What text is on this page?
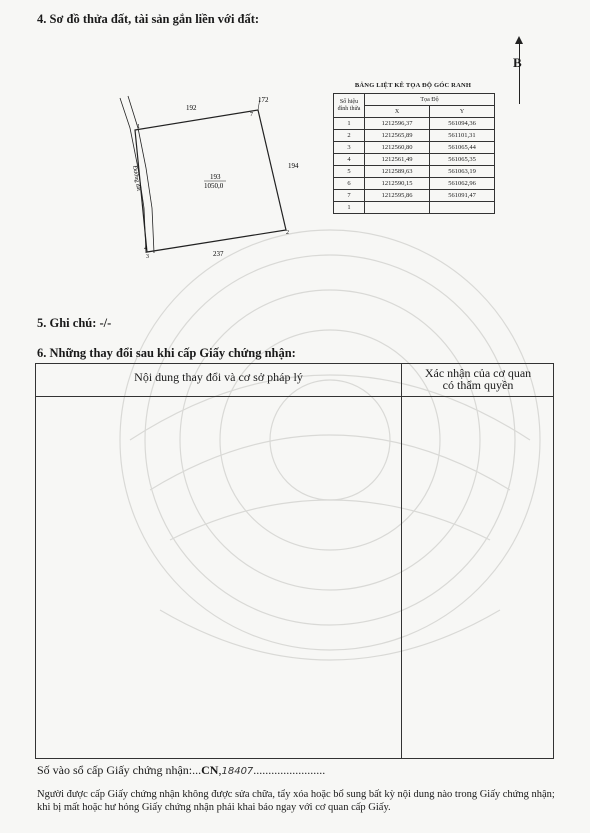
4. Sơ đồ thửa đất, tài sản gắn liền với đất:
B
1
2
3
4
7
192
172
194
237
193
1050,0
Đường đất
BẢNG LIỆT KÊ TỌA ĐỘ GÓC RANH
Số hiệu đỉnh thửa	Tọa Độ	
	X	Y
1	1212596,37	561094,36
2	1212565,89	561101,31
3	1212560,80	561065,44
4	1212561,49	561065,35
5	1212589,63	561063,19
6	1212590,15	561062,96
7	1212595,86	561091,47
1		
5. Ghi chú: -/-
6. Những thay đổi sau khi cấp Giấy chứng nhận:
Nội dung thay đổi và cơ sở pháp lý	Xác nhận của cơ quan
có thẩm quyền
Số vào sổ cấp Giấy chứng nhận:...CN,18407........................
Người được cấp Giấy chứng nhận không được sửa chữa, tẩy xóa hoặc bổ sung bất kỳ nội dung nào trong Giấy chứng nhận; khi bị mất hoặc hư hỏng Giấy chứng nhận phải khai báo ngay với cơ quan cấp Giấy.
